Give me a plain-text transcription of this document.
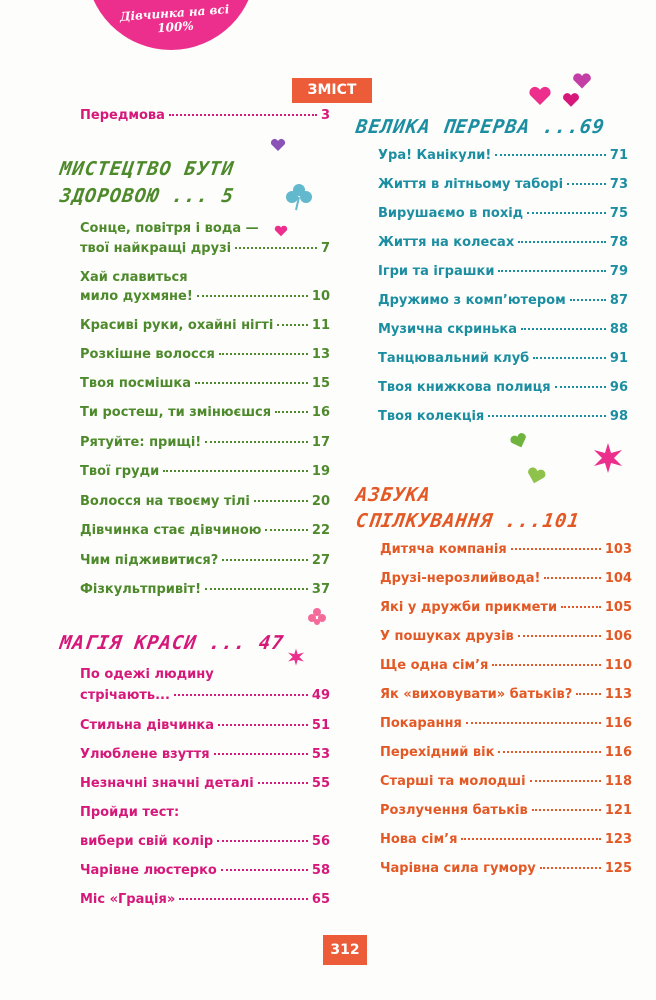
Дівчинка на всі 100%
ЗМІСТ
Передмова	3
МИСТЕЦТВО БУТИ
ЗДОРОВОЮ ... 5
Сонце, повітря і вода —
твої найкращі друзі	7
Хай славиться
мило духмяне!	10
Красиві руки, охайні нігті	11
Розкішне волосся	13
Твоя посмішка	15
Ти ростеш, ти змінюєшся	16
Рятуйте: прищі!	17
Твої груди	19
Волосся на твоєму тілі	20
Дівчинка стає дівчиною	22
Чим підживитися?	27
Фізкультпривіт!	37
МАГІЯ КРАСИ ... 47
По одежі людину
стрічають...	49
Стильна дівчинка	51
Улюблене взуття	53
Незначні значні деталі	55
Пройди тест:
вибери свій колір	56
Чарівне люстерко	58
Міс «Грація»	65
ВЕЛИКА ПЕРЕРВА ...69
Ура! Канікули!	71
Життя в літньому таборі	73
Вирушаємо в похід	75
Життя на колесах	78
Ігри та іграшки	79
Дружимо з комп’ютером	87
Музична скринька	88
Танцювальний клуб	91
Твоя книжкова полиця	96
Твоя колекція	98
АЗБУКА
СПІЛКУВАННЯ ...101
Дитяча компанія	103
Друзі-нерозлийвода!	104
Які у дружби прикмети	105
У пошуках друзів	106
Ще одна сім’я	110
Як «виховувати» батьків?	113
Покарання	116
Перехідний вік	116
Старші та молодші	118
Розлучення батьків	121
Нова сім’я	123
Чарівна сила гумору	125
312
